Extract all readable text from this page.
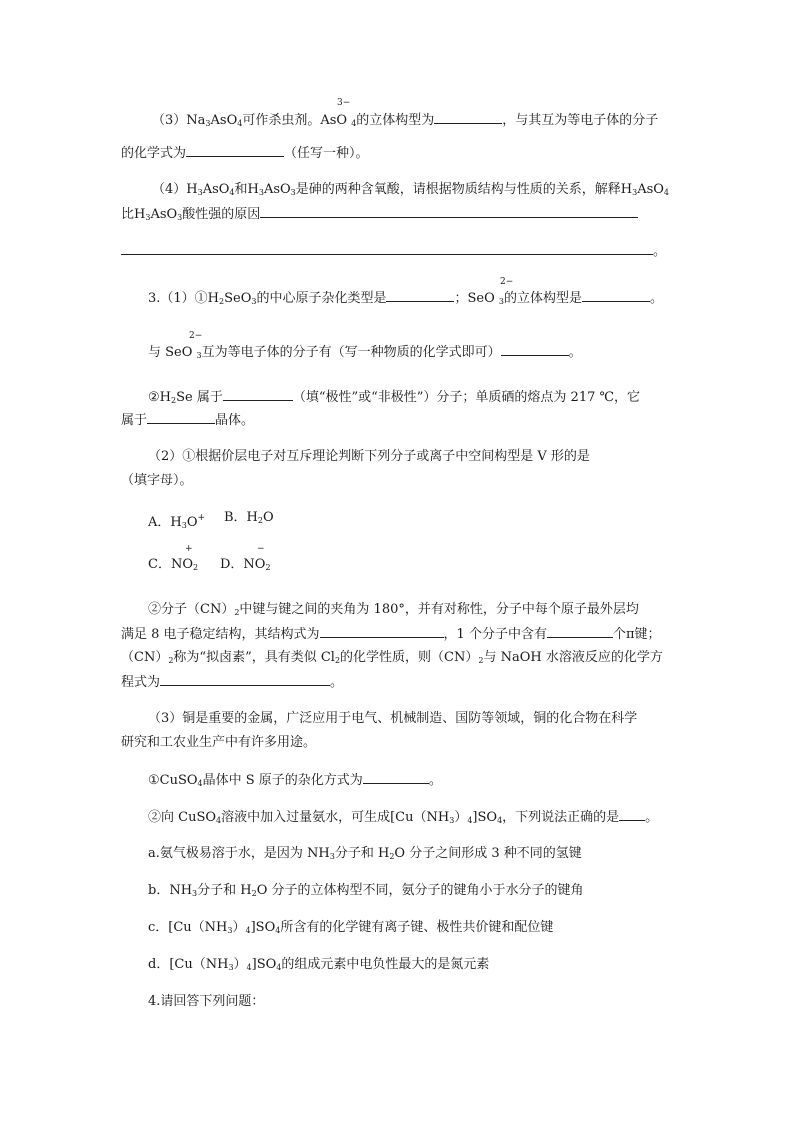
3−
（3）Na3AsO4可作杀虫剂。AsO 4的立体构型为	，与其互为等电子体的分子
的化学式为	（任写一种）。
（4）H3AsO4和H3AsO3是砷的两种含氧酸，请根据物质结构与性质的关系，解释H3AsO4
比H3AsO3酸性强的原因
。
2−
3.（1）①H2SeO3的中心原子杂化类型是	；SeO 3的立体构型是	。
2−
与 SeO 3互为等电子体的分子有（写一种物质的化学式即可）	。
②H2Se 属于	（填“极性”或“非极性”）分子；单质硒的熔点为 217 ℃，它
属于	晶体。
（2）①根据价层电子对互斥理论判断下列分子或离子中空间构型是 V 形的是
（填字母）。
A．H3O+ B．H2O
+
C．NO2
−
D．NO2
②分子（CN）2中键与键之间的夹角为 180°，并有对称性，分子中每个原子最外层均
满足 8 电子稳定结构，其结构式为	，1 个分子中含有	个π键；
（CN）2称为“拟卤素”，具有类似 Cl2的化学性质，则（CN）2与 NaOH 水溶液反应的化学方
程式为	。
（3）铜是重要的金属，广泛应用于电气、机械制造、国防等领域，铜的化合物在科学
研究和工农业生产中有许多用途。
①CuSO4晶体中 S 原子的杂化方式为	。
②向 CuSO4溶液中加入过量氨水，可生成[Cu（NH3）4]SO4，下列说法正确的是 。
a.氨气极易溶于水，是因为 NH3分子和 H2O 分子之间形成 3 种不同的氢键
b．NH3分子和 H2O 分子的立体构型不同，氨分子的键角小于水分子的键角
c．[Cu（NH3）4]SO4所含有的化学键有离子键、极性共价键和配位键
d．[Cu（NH3）4]SO4的组成元素中电负性最大的是氮元素
4.请回答下列问题：
